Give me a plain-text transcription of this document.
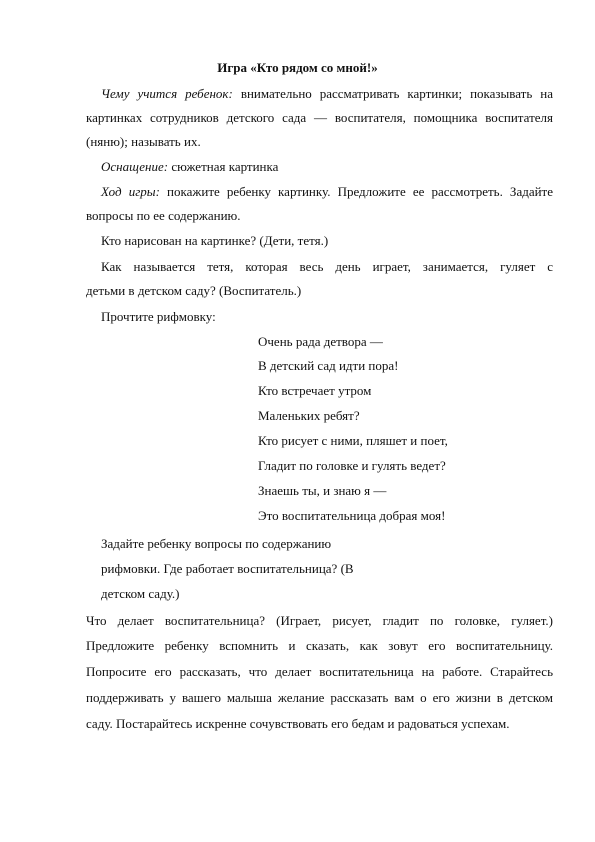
Игра «Кто рядом со мной!»
Чему учится ребенок: внимательно рассматривать картинки; показывать на
картинках сотрудников детского сада — воспитателя, помощника воспитателя
(няню); называть их.
Оснащение: сюжетная картинка
Ход игры: покажите ребенку картинку. Предложите ее рассмотреть. Задайте
вопросы по ее содержанию.
Кто нарисован на картинке? (Дети, тетя.)
Как называется тетя, которая весь день играет, занимается, гуляет с
детьми в детском саду? (Воспитатель.)
Прочтите рифмовку:
Очень рада детвора —
В детский сад идти пора!
Кто встречает утром
Маленьких ребят?
Кто рисует с ними, пляшет и поет,
Гладит по головке и гулять ведет?
Знаешь ты, и знаю я —
Это воспитательница добрая моя!
Задайте ребенку вопросы по содержанию
рифмовки. Где работает воспитательница? (В
детском саду.)
Что делает воспитательница? (Играет, рисует, гладит по головке, гуляет.)
Предложите ребенку вспомнить и сказать, как зовут его воспитательницу.
Попросите его рассказать, что делает воспитательница на работе. Старайтесь
поддерживать у вашего малыша желание рассказать вам о его жизни в детском
саду. Постарайтесь искренне сочувствовать его бедам и радоваться успехам.
